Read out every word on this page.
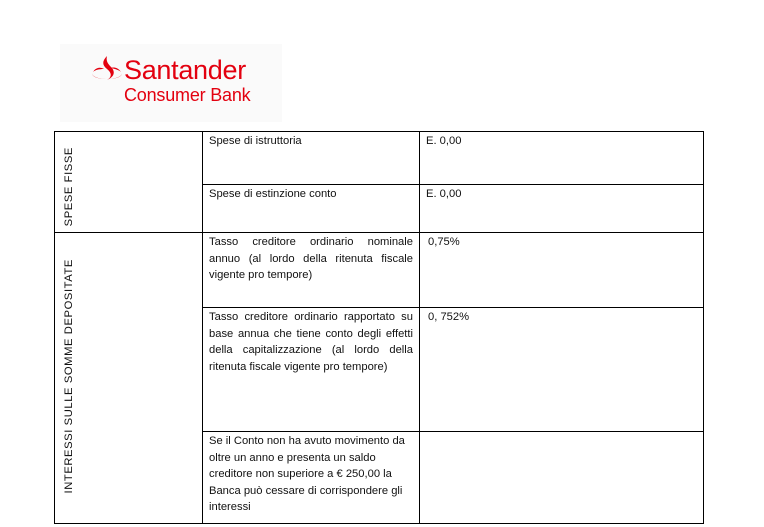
Santander
Consumer Bank
SPESE FISSE	Spese di istruttoria	E. 0,00
	Spese di estinzione conto	E. 0,00

INTERESSI SULLE SOMME DEPOSITATE	Tasso creditore ordinario nominale annuo (al lordo della ritenuta fiscale vigente pro tempore)	0,75%
	Tasso creditore ordinario rapportato su base annua che tiene conto degli effetti della capitalizzazione (al lordo della ritenuta fiscale vigente pro tempore)	0, 752%
	Se il Conto non ha avuto movimento da oltre un anno e presenta un saldo creditore non superiore a € 250,00 la Banca può cessare di corrispondere gli interessi	
